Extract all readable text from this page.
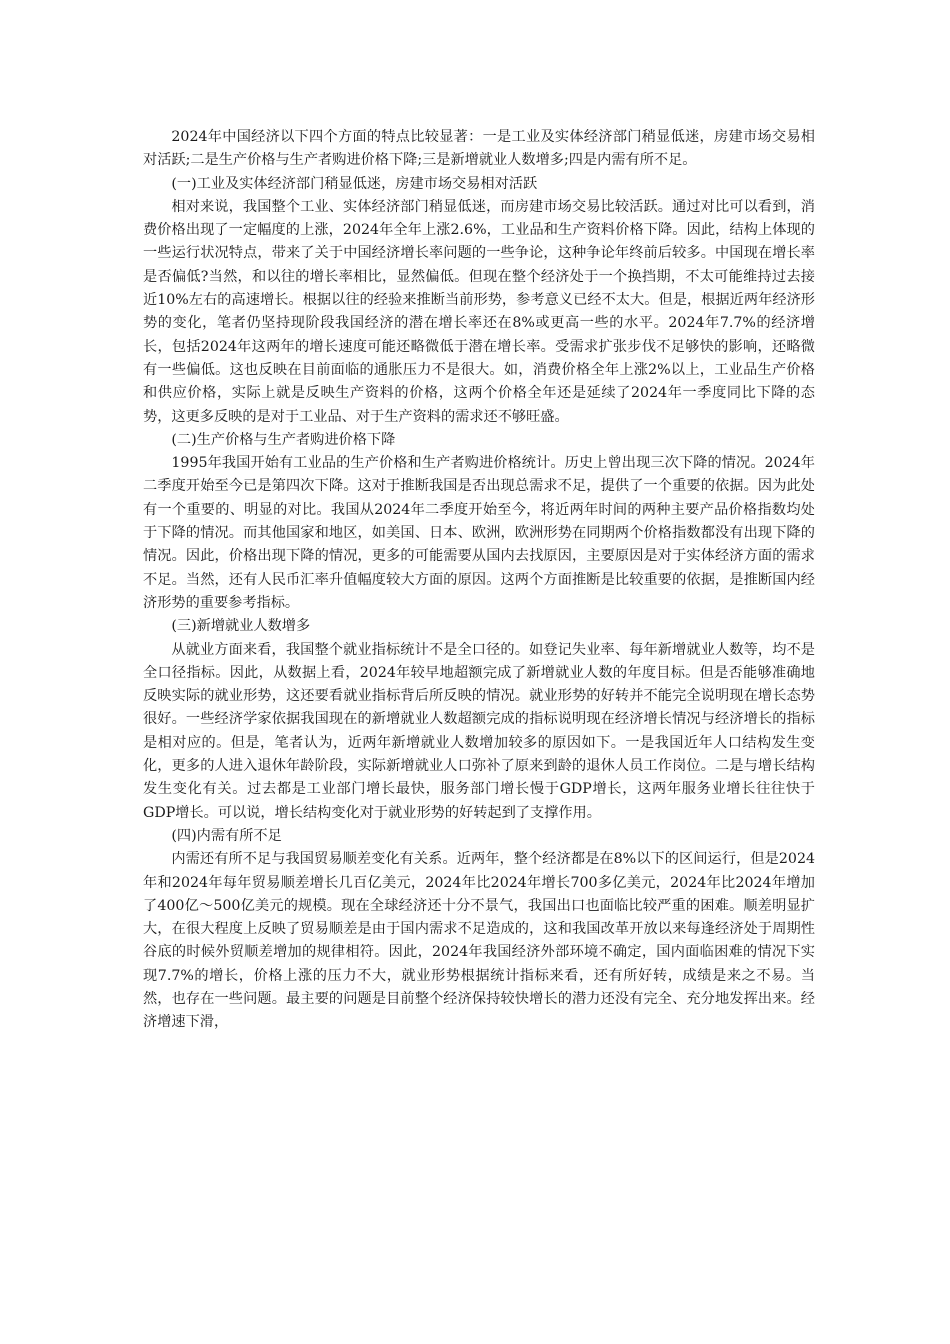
2024年中国经济以下四个方面的特点比较显著：一是工业及实体经济部门稍显低迷，房建市场交易相对活跃;二是生产价格与生产者购进价格下降;三是新增就业人数增多;四是内需有所不足。

(一)工业及实体经济部门稍显低迷，房建市场交易相对活跃

相对来说，我国整个工业、实体经济部门稍显低迷，而房建市场交易比较活跃。通过对比可以看到，消费价格出现了一定幅度的上涨，2024年全年上涨2.6%，工业品和生产资料价格下降。因此，结构上体现的一些运行状况特点，带来了关于中国经济增长率问题的一些争论，这种争论年终前后较多。中国现在增长率是否偏低?当然，和以往的增长率相比，显然偏低。但现在整个经济处于一个换挡期，不太可能维持过去接近10%左右的高速增长。根据以往的经验来推断当前形势，参考意义已经不太大。但是，根据近两年经济形势的变化，笔者仍坚持现阶段我国经济的潜在增长率还在8%或更高一些的水平。2024年7.7%的经济增长，包括2024年这两年的增长速度可能还略微低于潜在增长率。受需求扩张步伐不足够快的影响，还略微有一些偏低。这也反映在目前面临的通胀压力不是很大。如，消费价格全年上涨2%以上，工业品生产价格和供应价格，实际上就是反映生产资料的价格，这两个价格全年还是延续了2024年一季度同比下降的态势，这更多反映的是对于工业品、对于生产资料的需求还不够旺盛。

(二)生产价格与生产者购进价格下降

1995年我国开始有工业品的生产价格和生产者购进价格统计。历史上曾出现三次下降的情况。2024年二季度开始至今已是第四次下降。这对于推断我国是否出现总需求不足，提供了一个重要的依据。因为此处有一个重要的、明显的对比。我国从2024年二季度开始至今，将近两年时间的两种主要产品价格指数均处于下降的情况。而其他国家和地区，如美国、日本、欧洲，欧洲形势在同期两个价格指数都没有出现下降的情况。因此，价格出现下降的情况，更多的可能需要从国内去找原因，主要原因是对于实体经济方面的需求不足。当然，还有人民币汇率升值幅度较大方面的原因。这两个方面推断是比较重要的依据，是推断国内经济形势的重要参考指标。

(三)新增就业人数增多

从就业方面来看，我国整个就业指标统计不是全口径的。如登记失业率、每年新增就业人数等，均不是全口径指标。因此，从数据上看，2024年较早地超额完成了新增就业人数的年度目标。但是否能够准确地反映实际的就业形势，这还要看就业指标背后所反映的情况。就业形势的好转并不能完全说明现在增长态势很好。一些经济学家依据我国现在的新增就业人数超额完成的指标说明现在经济增长情况与经济增长的指标是相对应的。但是，笔者认为，近两年新增就业人数增加较多的原因如下。一是我国近年人口结构发生变化，更多的人进入退休年龄阶段，实际新增就业人口弥补了原来到龄的退休人员工作岗位。二是与增长结构发生变化有关。过去都是工业部门增长最快，服务部门增长慢于GDP增长，这两年服务业增长往往快于GDP增长。可以说，增长结构变化对于就业形势的好转起到了支撑作用。

(四)内需有所不足

内需还有所不足与我国贸易顺差变化有关系。近两年，整个经济都是在8%以下的区间运行，但是2024年和2024年每年贸易顺差增长几百亿美元，2024年比2024年增长700多亿美元，2024年比2024年增加了400亿～500亿美元的规模。现在全球经济还十分不景气，我国出口也面临比较严重的困难。顺差明显扩大，在很大程度上反映了贸易顺差是由于国内需求不足造成的，这和我国改革开放以来每逢经济处于周期性谷底的时候外贸顺差增加的规律相符。因此，2024年我国经济外部环境不确定，国内面临困难的情况下实现7.7%的增长，价格上涨的压力不大，就业形势根据统计指标来看，还有所好转，成绩是来之不易。当然，也存在一些问题。最主要的问题是目前整个经济保持较快增长的潜力还没有完全、充分地发挥出来。经济增速下滑，
